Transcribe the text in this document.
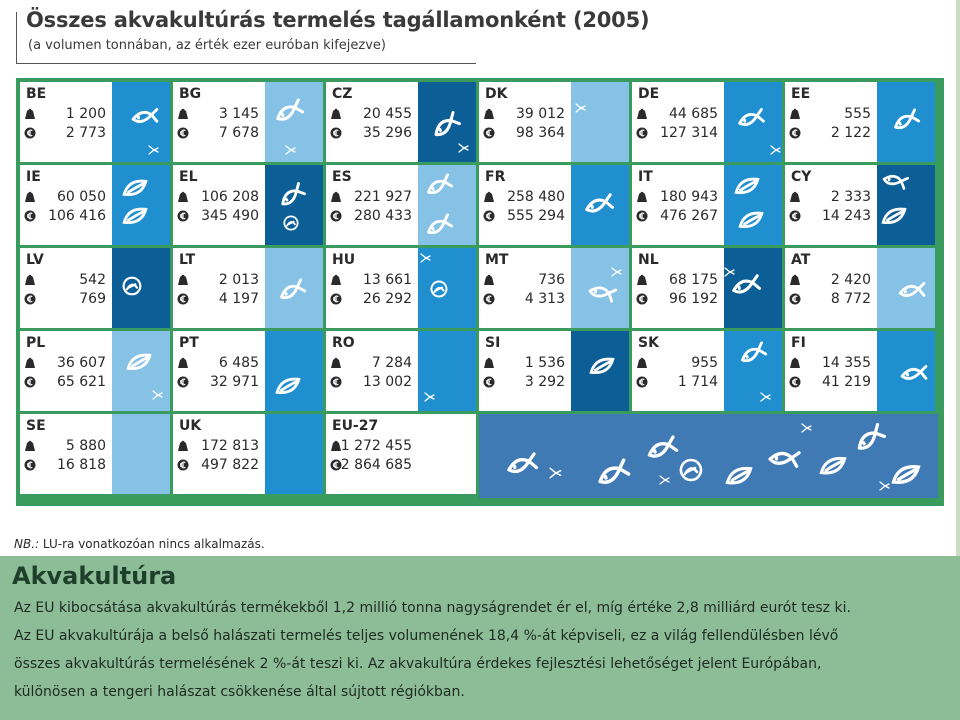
Összes akvakultúrás termelés tagállamonként (2005)
(a volumen tonnában, az érték ezer euróban kifejezve)
BE
1 200
2 773
BG
3 145
7 678
CZ
20 455
35 296
DK
39 012
98 364
DE
44 685
127 314
EE
555
2 122
IE
60 050
106 416
EL
106 208
345 490
ES
221 927
280 433
FR
258 480
555 294
IT
180 943
476 267
CY
2 333
14 243
LV
542
769
LT
2 013
4 197
HU
13 661
26 292
MT
736
4 313
NL
68 175
96 192
AT
2 420
8 772
PL
36 607
65 621
PT
6 485
32 971
RO
7 284
13 002
SI
1 536
3 292
SK
955
1 714
FI
14 355
41 219
SE
5 880
16 818
UK
172 813
497 822
EU-27
1 272 455
2 864 685
NB.: LU-ra vonatkozóan nincs alkalmazás.
Akvakultúra
Az EU kibocsátása akvakultúrás termékekből 1,2 millió tonna nagyságrendet ér el, míg értéke 2,8 milliárd eurót tesz ki.
Az EU akvakultúrája a belső halászati termelés teljes volumenének 18,4 %-át képviseli, ez a világ fellendülésben lévő
összes akvakultúrás termelésének 2 %-át teszi ki. Az akvakultúra érdekes fejlesztési lehetőséget jelent Európában,
különösen a tengeri halászat csökkenése által sújtott régiókban.
